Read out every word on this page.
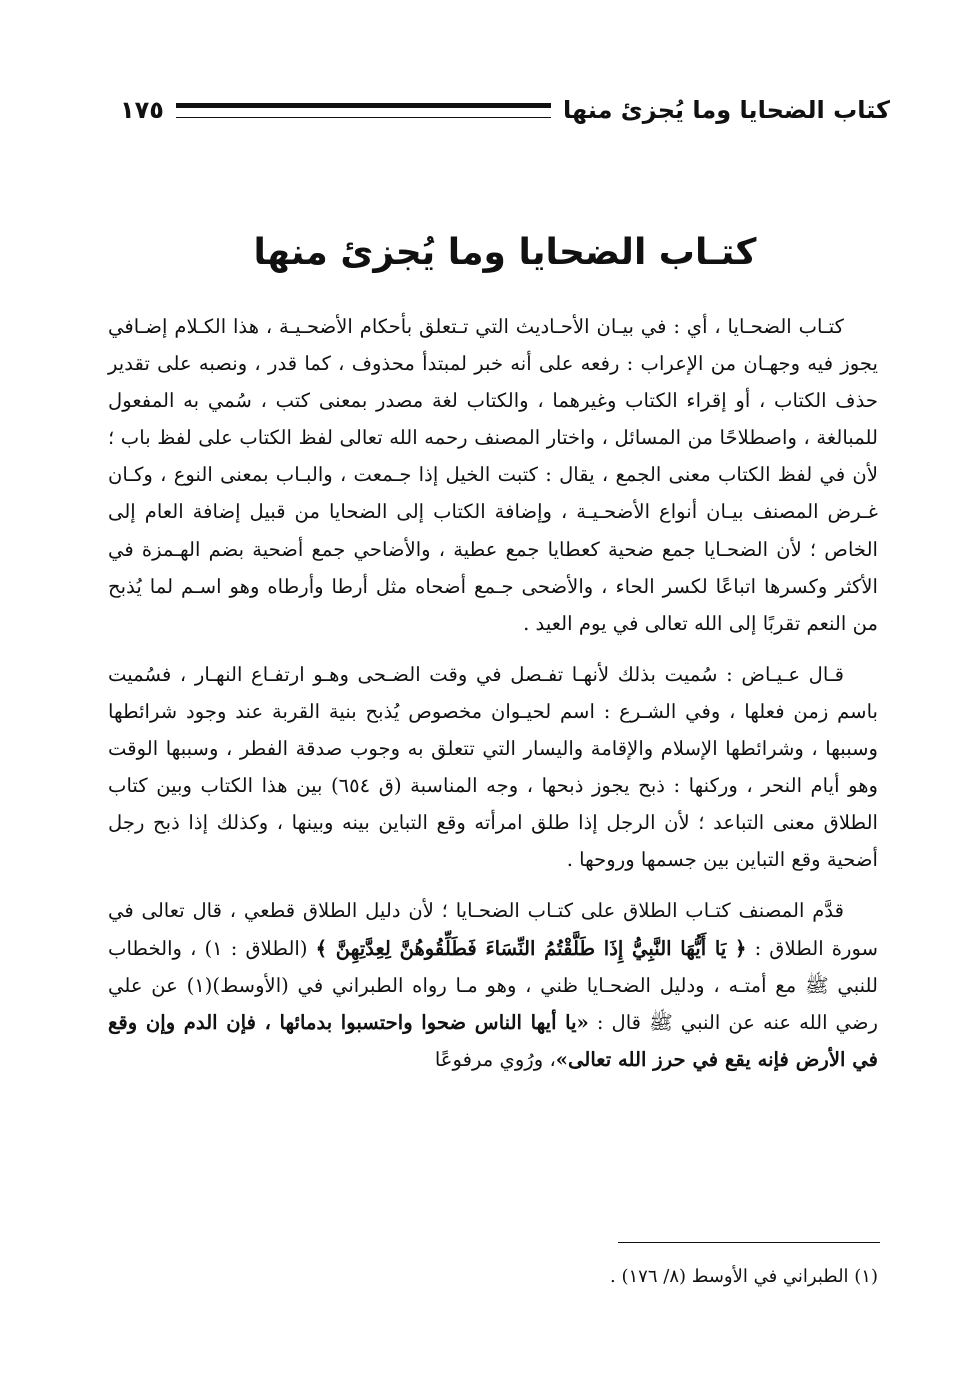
كتاب الضحايا وما يُجزئ منها
١٧٥
كتـاب الضحايا وما يُجزئ منها

كتـاب الضحـايا ، أي : في بيـان الأحـاديث التي تـتعلق بأحكام الأضحـيـة ، هذا الكـلام إضـافي يجوز فيه وجهـان من الإعراب : رفعه على أنه خبر لمبتدأ محذوف ، كما قدر ، ونصبه على تقدير حذف الكتاب ، أو إقراء الكتاب وغيرهما ، والكتاب لغة مصدر بمعنى كتب ، سُمي به المفعول للمبالغة ، واصطلاحًا من المسائل ، واختار المصنف رحمه الله تعالى لفظ الكتاب على لفظ باب ؛ لأن في لفظ الكتاب معنى الجمع ، يقال : كتبت الخيل إذا جـمعت ، والبـاب بمعنى النوع ، وكـان غـرض المصنف بيـان أنواع الأضحـيـة ، وإضافة الكتاب إلى الضحايا من قبيل إضافة العام إلى الخاص ؛ لأن الضحـايا جمع ضحية كعطايا جمع عطية ، والأضاحي جمع أضحية بضم الهـمزة في الأكثر وكسرها اتباعًا لكسر الحاء ، والأضحى جـمع أضحاه مثل أرطا وأرطاه وهو اسـم لما يُذبح من النعم تقربًا إلى الله تعالى في يوم العيد .

قـال عـيـاض : سُميت بذلك لأنهـا تفـصل في وقت الضـحى وهـو ارتفـاع النهـار ، فسُميت باسم زمن فعلها ، وفي الشـرع : اسم لحيـوان مخصوص يُذبح بنية القربة عند وجود شرائطها وسببها ، وشرائطها الإسلام والإقامة واليسار التي تتعلق به وجوب صدقة الفطر ، وسببها الوقت وهو أيام النحر ، وركنها : ذبح يجوز ذبحها ، وجه المناسبة (ق ٦٥٤) بين هذا الكتاب وبين كتاب الطلاق معنى التباعد ؛ لأن الرجل إذا طلق امرأته وقع التباين بينه وبينها ، وكذلك إذا ذبح رجل أضحية وقع التباين بين جسمها وروحها .

قدَّم المصنف كتـاب الطلاق على كتـاب الضحـايا ؛ لأن دليل الطلاق قطعي ، قال تعالى في سورة الطلاق : ﴿ يَا أَيُّهَا النَّبِيُّ إِذَا طَلَّقْتُمُ النِّسَاءَ فَطَلِّقُوهُنَّ لِعِدَّتِهِنَّ ﴾ (الطلاق : ١) ، والخطاب للنبي ﷺ مع أمتـه ، ودليل الضحـايا ظني ، وهو مـا رواه الطبراني في (الأوسط)(١) عن علي رضي الله عنه عن النبي ﷺ قال : «يا أيها الناس ضحوا واحتسبوا بدمائها ، فإن الدم وإن وقع في الأرض فإنه يقع في حرز الله تعالى»، ورُوي مرفوعًا

(١) الطبراني في الأوسط (٨/ ١٧٦) .
